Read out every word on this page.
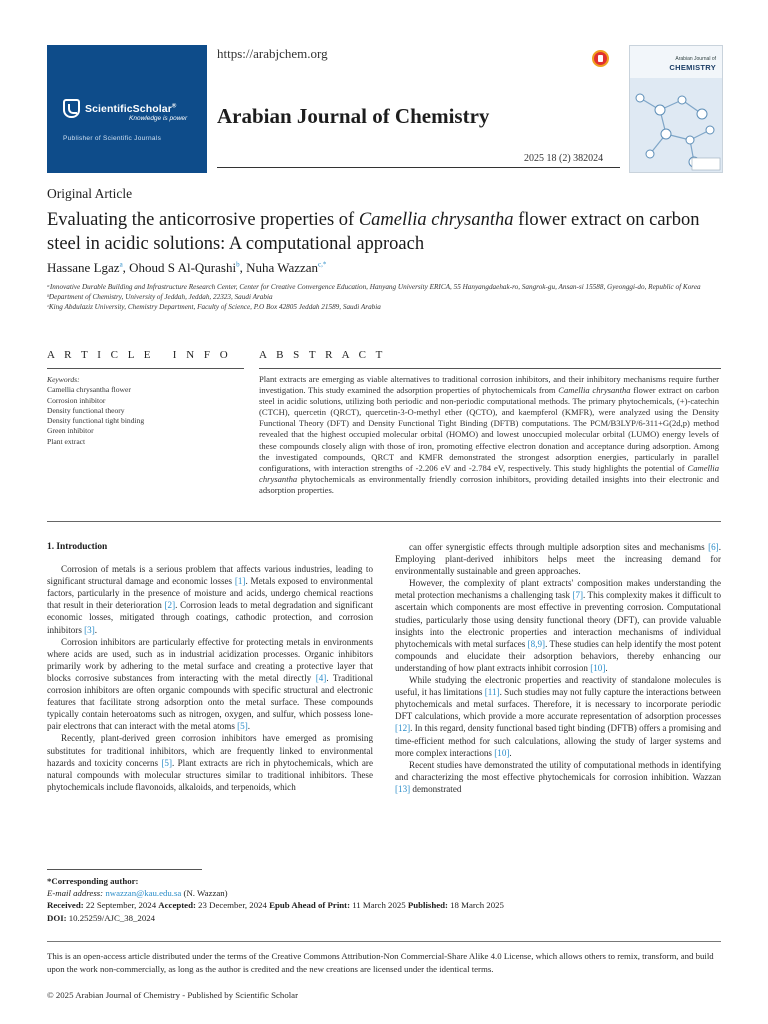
ScientificScholar®
Knowledge is power
Publisher of Scientific Journals
https://arabjchem.org
Arabian Journal of Chemistry
2025 18 (2) 382024
Arabian Journal of
CHEMISTRY
Original Article
Evaluating the anticorrosive properties of Camellia chrysantha flower extract on carbon steel in acidic solutions: A computational approach
Hassane Lgaz$^a$, Ohoud S Al-Qurashi$^b$, Nuha Wazzan$^{c,*}$
ᵃInnovative Durable Building and Infrastructure Research Center, Center for Creative Convergence Education, Hanyang University ERICA, 55 Hanyangdaehak-ro, Sangrok-gu, Ansan-si 15588, Gyeonggi-do, Republic of Korea
ᵇDepartment of Chemistry, University of Jeddah, Jeddah, 22323, Saudi Arabia
ᶜKing Abdulaziz University, Chemistry Department, Faculty of Science, P.O Box 42805 Jeddah 21589, Saudi Arabia
A R T I C L E   I N F O	A B S T R A C T
Keywords:
Camellia chrysantha flower
Corrosion inhibitor
Density functional theory
Density functional tight binding
Green inhibitor
Plant extract
Plant extracts are emerging as viable alternatives to traditional corrosion inhibitors, and their inhibitory mechanisms require further investigation. This study examined the adsorption properties of phytochemicals from Camellia chrysantha flower extract on carbon steel in acidic solutions, utilizing both periodic and non-periodic computational methods. The primary phytochemicals, (+)-catechin (CTCH), quercetin (QRCT), quercetin-3-O-methyl ether (QCTO), and kaempferol (KMFR), were analyzed using the Density Functional Theory (DFT) and Density Functional Tight Binding (DFTB) computations. The PCM/B3LYP/6-311+G(2d,p) method revealed that the highest occupied molecular orbital (HOMO) and lowest unoccupied molecular orbital (LUMO) energy levels of these compounds closely align with those of iron, promoting effective electron donation and acceptance during adsorption. Among the investigated compounds, QRCT and KMFR demonstrated the strongest adsorption energies, particularly in parallel configurations, with interaction strengths of -2.206 eV and -2.784 eV, respectively. This study highlights the potential of Camellia chrysantha phytochemicals as environmentally friendly corrosion inhibitors, providing detailed insights into their electronic and adsorption properties.
1. Introduction

Corrosion of metals is a serious problem that affects various industries, leading to significant structural damage and economic losses [1]. Metals exposed to environmental factors, particularly in the presence of moisture and acids, undergo chemical reactions that result in their deterioration [2]. Corrosion leads to metal degradation and significant economic losses, mitigated through coatings, cathodic protection, and corrosion inhibitors [3].

Corrosion inhibitors are particularly effective for protecting metals in environments where acids are used, such as in industrial acidization processes. Organic inhibitors primarily work by adhering to the metal surface and creating a protective layer that blocks corrosive substances from interacting with the metal directly [4]. Traditional corrosion inhibitors are often organic compounds with specific structural and electronic features that facilitate strong adsorption onto the metal surface. These compounds typically contain heteroatoms such as nitrogen, oxygen, and sulfur, which possess lone-pair electrons that can interact with the metal atoms [5].

Recently, plant-derived green corrosion inhibitors have emerged as promising substitutes for traditional inhibitors, which are frequently linked to environmental hazards and toxicity concerns [5]. Plant extracts are rich in phytochemicals, which are natural compounds with molecular structures similar to traditional inhibitors. These phytochemicals include flavonoids, alkaloids, and terpenoids, which

can offer synergistic effects through multiple adsorption sites and mechanisms [6]. Employing plant-derived inhibitors helps meet the increasing demand for environmentally sustainable and green approaches.

However, the complexity of plant extracts' composition makes understanding the metal protection mechanisms a challenging task [7]. This complexity makes it difficult to ascertain which components are most effective in preventing corrosion. Computational studies, particularly those using density functional theory (DFT), can provide valuable insights into the electronic properties and interaction mechanisms of individual phytochemicals with metal surfaces [8,9]. These studies can help identify the most potent compounds and elucidate their adsorption behaviors, thereby enhancing our understanding of how plant extracts inhibit corrosion [10].

While studying the electronic properties and reactivity of standalone molecules is useful, it has limitations [11]. Such studies may not fully capture the interactions between phytochemicals and metal surfaces. Therefore, it is necessary to incorporate periodic DFT calculations, which provide a more accurate representation of adsorption processes [12]. In this regard, density functional based tight binding (DFTB) offers a promising and time-efficient method for such calculations, allowing the study of larger systems and more complex interactions [10].

Recent studies have demonstrated the utility of computational methods in identifying and characterizing the most effective phytochemicals for corrosion inhibition. Wazzan [13] demonstrated

*Corresponding author:
E-mail address: nwazzan@kau.edu.sa (N. Wazzan)
Received: 22 September, 2024 Accepted: 23 December, 2024 Epub Ahead of Print: 11 March 2025 Published: 18 March 2025
DOI: 10.25259/AJC_38_2024
This is an open-access article distributed under the terms of the Creative Commons Attribution-Non Commercial-Share Alike 4.0 License, which allows others to remix, transform, and build upon the work non-commercially, as long as the author is credited and the new creations are licensed under the identical terms.
© 2025 Arabian Journal of Chemistry - Published by Scientific Scholar
